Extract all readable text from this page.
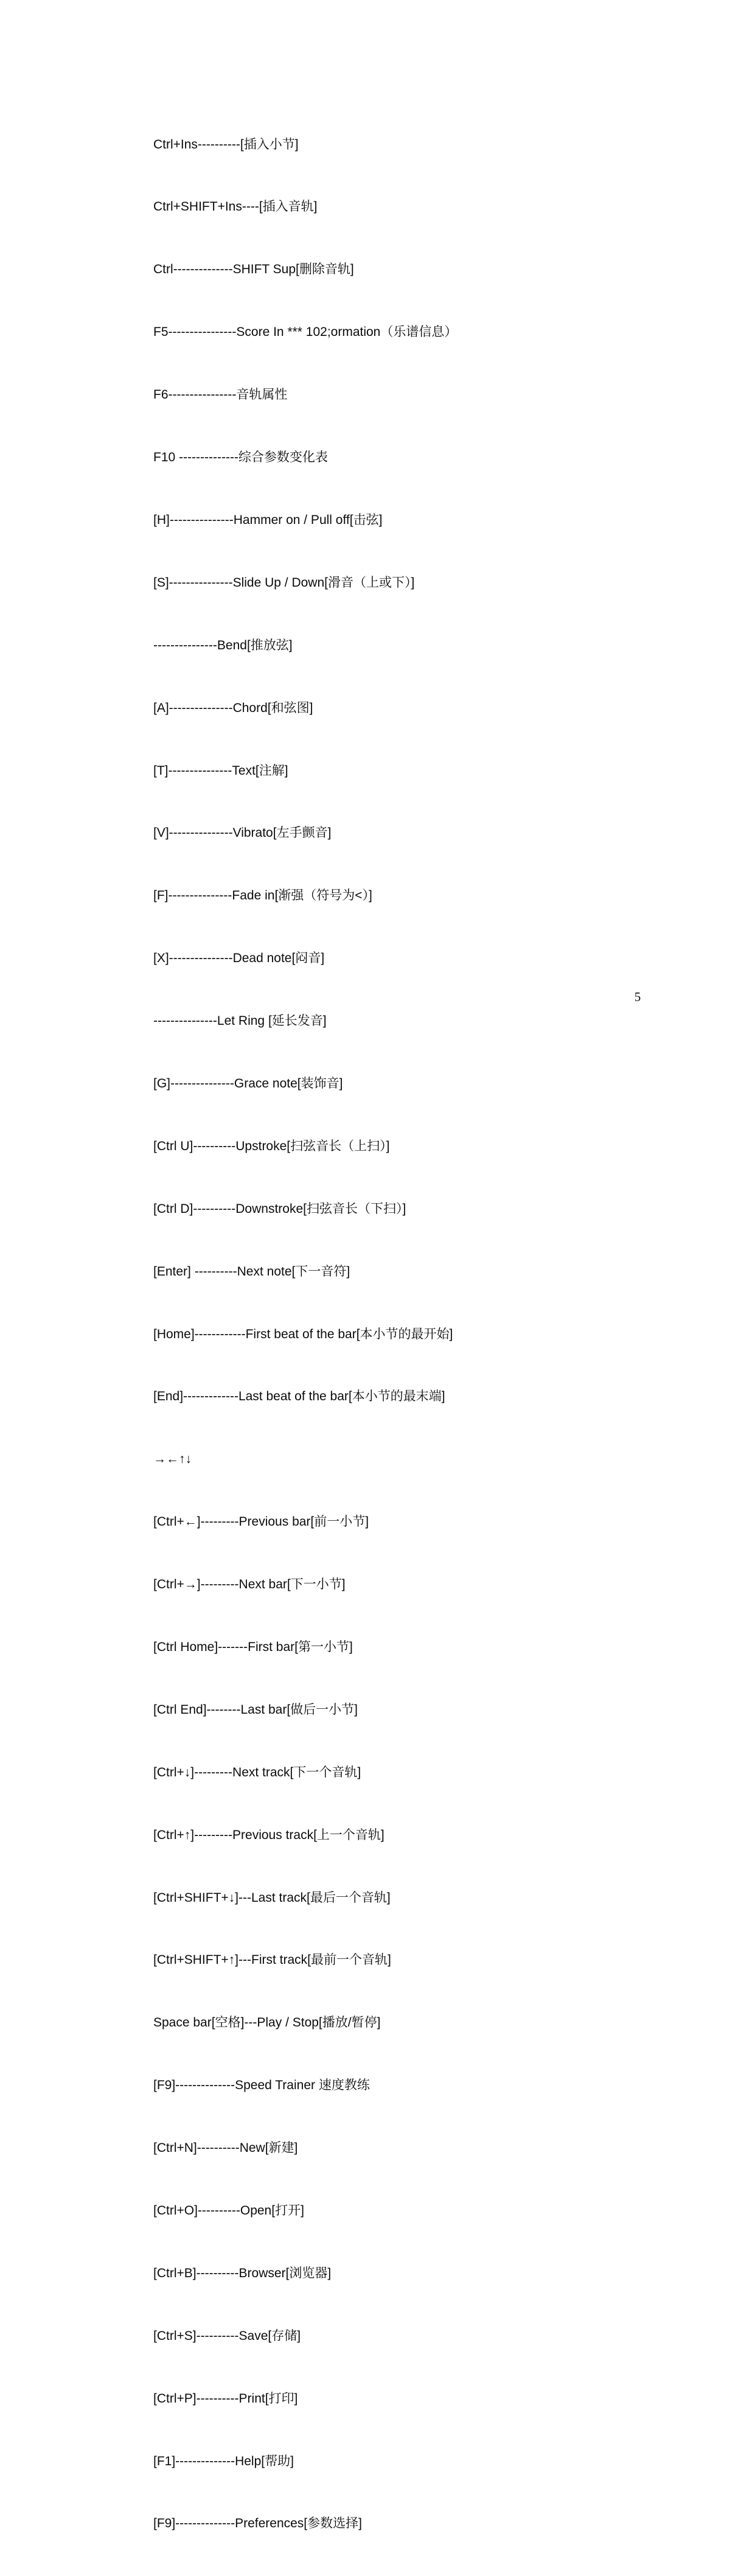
Ctrl+Ins----------[插入小节]

Ctrl+SHIFT+Ins----[插入音轨]

Ctrl--------------SHIFT Sup[删除音轨]

F5----------------Score In *** 102;ormation（乐谱信息）

F6----------------音轨属性

F10 --------------综合参数变化表

[H]---------------Hammer on / Pull off[击弦]

[S]---------------Slide Up / Down[滑音（上或下）]

---------------Bend[推放弦]

[A]---------------Chord[和弦图]

[T]---------------Text[注解]

[V]---------------Vibrato[左手颤音]

[F]---------------Fade in[渐强（符号为<）]

[X]---------------Dead note[闷音]

---------------Let Ring [延长发音]

[G]---------------Grace note[装饰音]

[Ctrl U]----------Upstroke[扫弦音长（上扫）]

[Ctrl D]----------Downstroke[扫弦音长（下扫）]

[Enter] ----------Next note[下一音符]

[Home]------------First beat of the bar[本小节的最开始]

[End]-------------Last beat of the bar[本小节的最末端]

→←↑↓

[Ctrl+←]---------Previous bar[前一小节]

[Ctrl+→]---------Next bar[下一小节]

[Ctrl Home]-------First bar[第一小节]

[Ctrl End]--------Last bar[做后一小节]

[Ctrl+↓]---------Next track[下一个音轨]

[Ctrl+↑]---------Previous track[上一个音轨]

[Ctrl+SHIFT+↓]---Last track[最后一个音轨]

[Ctrl+SHIFT+↑]---First track[最前一个音轨]

Space bar[空格]---Play / Stop[播放/暂停]

[F9]--------------Speed Trainer 速度教练

[Ctrl+N]----------New[新建]

[Ctrl+O]----------Open[打开]

[Ctrl+B]----------Browser[浏览器]

[Ctrl+S]----------Save[存储]

[Ctrl+P]----------Print[打印]

[F1]--------------Help[帮助]

[F9]--------------Preferences[参数选择]

5
